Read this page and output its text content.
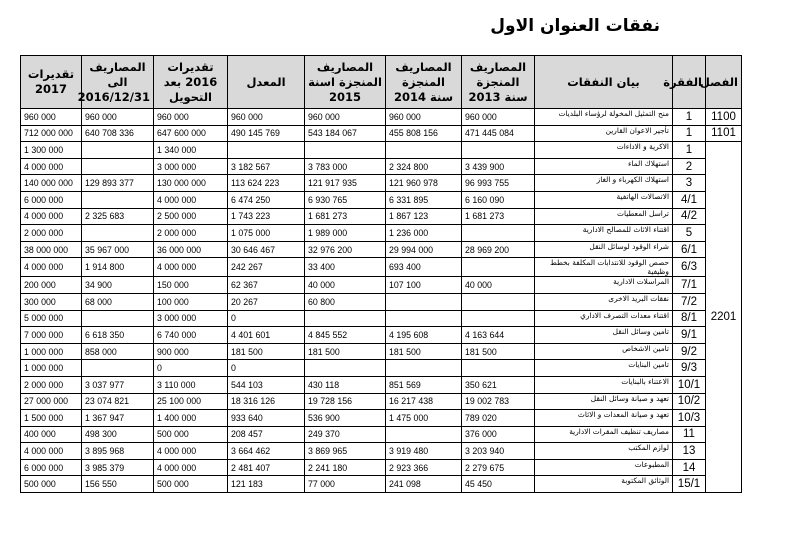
نفقات العنوان الاول
الفصل	الفقرة	بيان النفقات	المصاريف المنجزة سنة 2013	المصاريف المنجزة سنة 2014	المصاريف المنجزة اسنة 2015	المعدل	تقديرات 2016 بعد التحويل	المصاريف الى 2016/12/31	تقديرات 2017
1100	1	منح التمثيل المخولة لرؤساء البلديات	960 000	960 000	960 000	960 000	960 000	960 000	960 000
1101	1	تأجير الاعوان القارين	471 445 084	455 808 156	543 184 067	490 145 769	647 600 000	640 708 336	712 000 000
2201	1	الاكرية و الاداءات					1 340 000		1 300 000
	2	استهلاك الماء	3 439 900	2 324 800	3 783 000	3 182 567	3 000 000		4 000 000
	3	استهلاك الكهرباء و الغاز	96 993 755	121 960 978	121 917 935	113 624 223	130 000 000	129 893 377	140 000 000
	4/1	الاتصالات الهاتفية	6 160 090	6 331 895	6 930 765	6 474 250	4 000 000		6 000 000
	4/2	تراسل المعطيات	1 681 273	1 867 123	1 681 273	1 743 223	2 500 000	2 325 683	4 000 000
	5	اقتناء الاثاث للمصالح الادارية		1 236 000	1 989 000	1 075 000	2 000 000		2 000 000
	6/1	شراء الوقود لوسائل النقل	28 969 200	29 994 000	32 976 200	30 646 467	36 000 000	35 967 000	38 000 000
	6/3	حصص الوقود للانتدابات المكلفة بخطط وظيفية		693 400	33 400	242 267	4 000 000	1 914 800	4 000 000
	7/1	المراسلات الادارية	40 000	107 100	40 000	62 367	150 000	34 900	200 000
	7/2	نفقات البريد الاخرى			60 800	20 267	100 000	68 000	300 000
	8/1	اقتناء معدات التصرف الاداري				0	3 000 000		5 000 000
	9/1	تامين وسائل النقل	4 163 644	4 195 608	4 845 552	4 401 601	6 740 000	6 618 350	7 000 000
	9/2	تامين الاشخاص	181 500	181 500	181 500	181 500	900 000	858 000	1 000 000
	9/3	تامين البنايات				0	0		1 000 000
	10/1	الاعتناء بالبنايات	350 621	851 569	430 118	544 103	3 110 000	3 037 977	2 000 000
	10/2	تعهد و صيانة وسائل النقل	19 002 783	16 217 438	19 728 156	18 316 126	25 100 000	23 074 821	27 000 000
	10/3	تعهد و صيانة المعدات و الاثاث	789 020	1 475 000	536 900	933 640	1 400 000	1 367 947	1 500 000
	11	مصاريف تنظيف المقرات الادارية	376 000		249 370	208 457	500 000	498 300	400 000
	13	لوازم المكتب	3 203 940	3 919 480	3 869 965	3 664 462	4 000 000	3 895 968	4 000 000
	14	المطبوعات	2 279 675	2 923 366	2 241 180	2 481 407	4 000 000	3 985 379	6 000 000
	15/1	الوثائق المكتوبة	45 450	241 098	77 000	121 183	500 000	156 550	500 000
